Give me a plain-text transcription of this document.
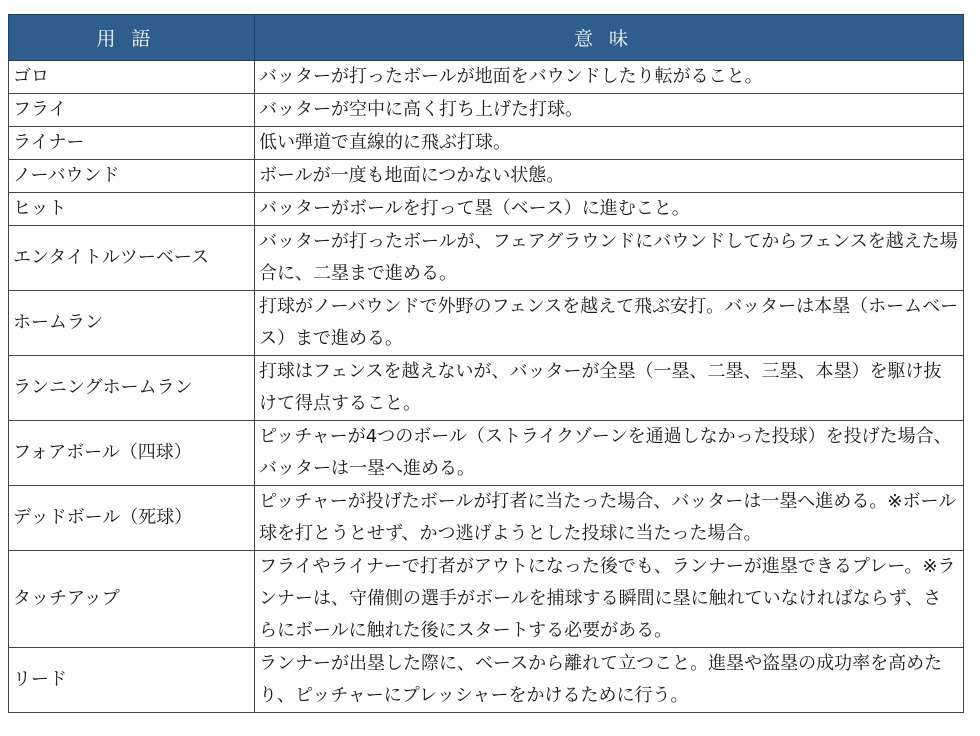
用語	意味
ゴロ	バッターが打ったボールが地面をバウンドしたり転がること。
フライ	バッターが空中に高く打ち上げた打球。
ライナー	低い弾道で直線的に飛ぶ打球。
ノーバウンド	ボールが一度も地面につかない状態。
ヒット	バッターがボールを打って塁（ベース）に進むこと。
エンタイトルツーベース	バッターが打ったボールが、フェアグラウンドにバウンドしてからフェンスを越えた場合に、二塁まで進める。
ホームラン	打球がノーバウンドで外野のフェンスを越えて飛ぶ安打。バッターは本塁（ホームベース）まで進める。
ランニングホームラン	打球はフェンスを越えないが、バッターが全塁（一塁、二塁、三塁、本塁）を駆け抜けて得点すること。
フォアボール（四球）	ピッチャーが4つのボール（ストライクゾーンを通過しなかった投球）を投げた場合、バッターは一塁へ進める。
デッドボール（死球）	ピッチャーが投げたボールが打者に当たった場合、バッターは一塁へ進める。※ボール球を打とうとせず、かつ逃げようとした投球に当たった場合。
タッチアップ	フライやライナーで打者がアウトになった後でも、ランナーが進塁できるプレー。※ランナーは、守備側の選手がボールを捕球する瞬間に塁に触れていなければならず、さらにボールに触れた後にスタートする必要がある。
リード	ランナーが出塁した際に、ベースから離れて立つこと。進塁や盗塁の成功率を高めたり、ピッチャーにプレッシャーをかけるために行う。
